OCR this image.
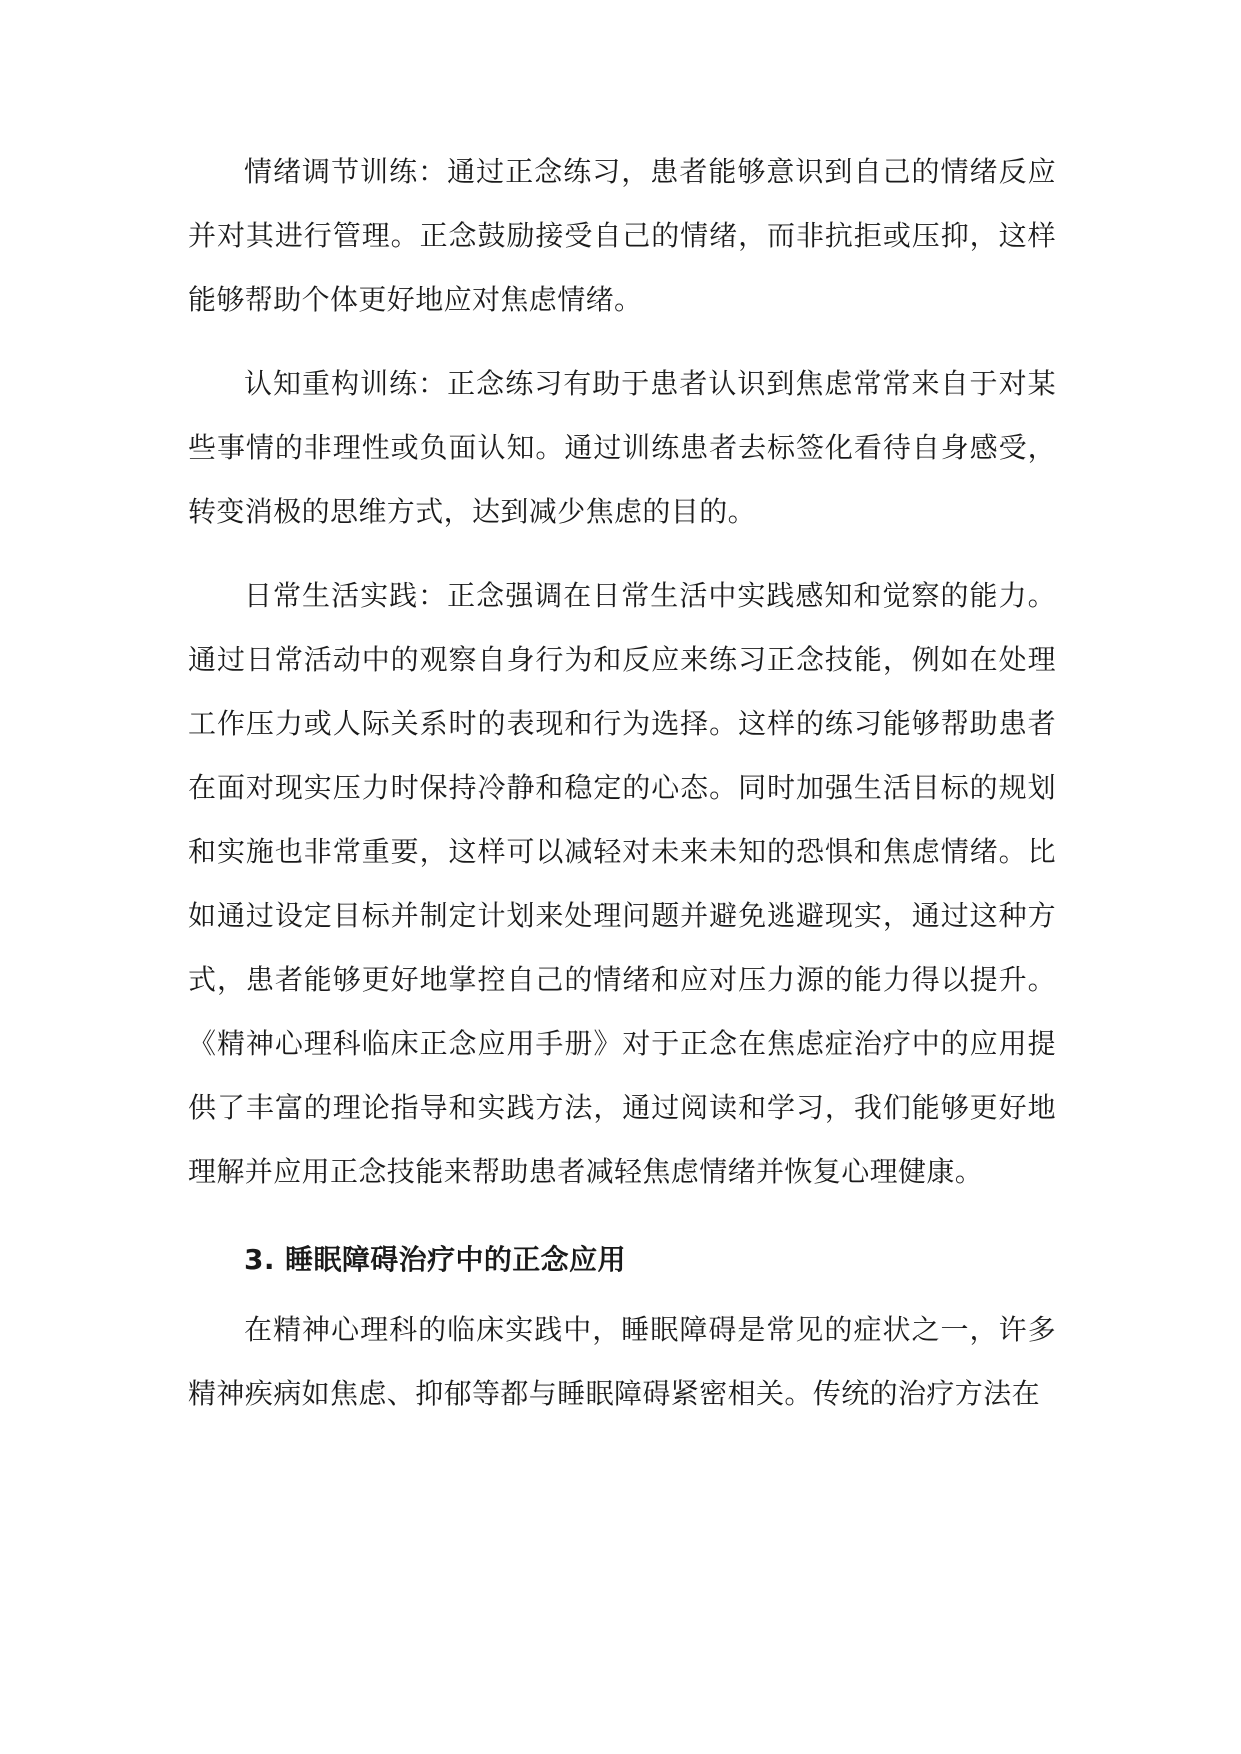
情绪调节训练：通过正念练习，患者能够意识到自己的情绪反应并对其进行管理。正念鼓励接受自己的情绪，而非抗拒或压抑，这样能够帮助个体更好地应对焦虑情绪。

认知重构训练：正念练习有助于患者认识到焦虑常常来自于对某些事情的非理性或负面认知。通过训练患者去标签化看待自身感受，转变消极的思维方式，达到减少焦虑的目的。

日常生活实践：正念强调在日常生活中实践感知和觉察的能力。通过日常活动中的观察自身行为和反应来练习正念技能，例如在处理工作压力或人际关系时的表现和行为选择。这样的练习能够帮助患者在面对现实压力时保持冷静和稳定的心态。同时加强生活目标的规划和实施也非常重要，这样可以减轻对未来未知的恐惧和焦虑情绪。比如通过设定目标并制定计划来处理问题并避免逃避现实，通过这种方式，患者能够更好地掌控自己的情绪和应对压力源的能力得以提升。《精神心理科临床正念应用手册》对于正念在焦虑症治疗中的应用提供了丰富的理论指导和实践方法，通过阅读和学习，我们能够更好地理解并应用正念技能来帮助患者减轻焦虑情绪并恢复心理健康。

3. 睡眠障碍治疗中的正念应用

在精神心理科的临床实践中，睡眠障碍是常见的症状之一，许多精神疾病如焦虑、抑郁等都与睡眠障碍紧密相关。传统的治疗方法在
